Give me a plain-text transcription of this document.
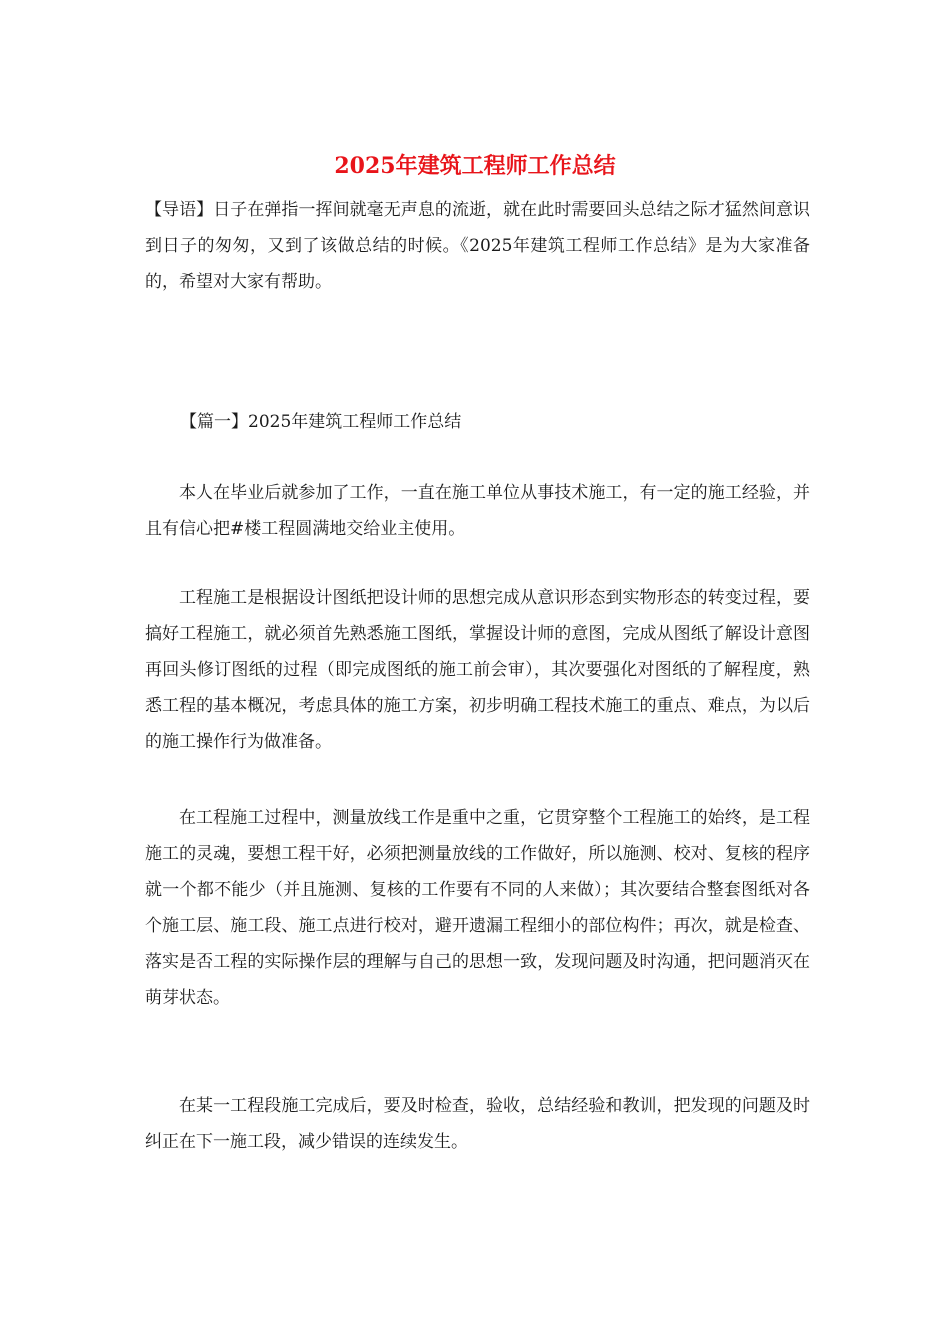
2025年建筑工程师工作总结

【导语】日子在弹指一挥间就毫无声息的流逝，就在此时需要回头总结之际才猛然间意识到日子的匆匆，又到了该做总结的时候。《2025年建筑工程师工作总结》是为大家准备的，希望对大家有帮助。

【篇一】2025年建筑工程师工作总结

本人在毕业后就参加了工作，一直在施工单位从事技术施工，有一定的施工经验，并且有信心把#楼工程圆满地交给业主使用。

工程施工是根据设计图纸把设计师的思想完成从意识形态到实物形态的转变过程，要搞好工程施工，就必须首先熟悉施工图纸，掌握设计师的意图，完成从图纸了解设计意图再回头修订图纸的过程（即完成图纸的施工前会审），其次要强化对图纸的了解程度，熟悉工程的基本概况，考虑具体的施工方案，初步明确工程技术施工的重点、难点，为以后的施工操作行为做准备。

在工程施工过程中，测量放线工作是重中之重，它贯穿整个工程施工的始终，是工程施工的灵魂，要想工程干好，必须把测量放线的工作做好，所以施测、校对、复核的程序就一个都不能少（并且施测、复核的工作要有不同的人来做）；其次要结合整套图纸对各个施工层、施工段、施工点进行校对，避开遗漏工程细小的部位构件；再次，就是检查、落实是否工程的实际操作层的理解与自己的思想一致，发现问题及时沟通，把问题消灭在萌芽状态。

在某一工程段施工完成后，要及时检查，验收，总结经验和教训，把发现的问题及时纠正在下一施工段，减少错误的连续发生。
